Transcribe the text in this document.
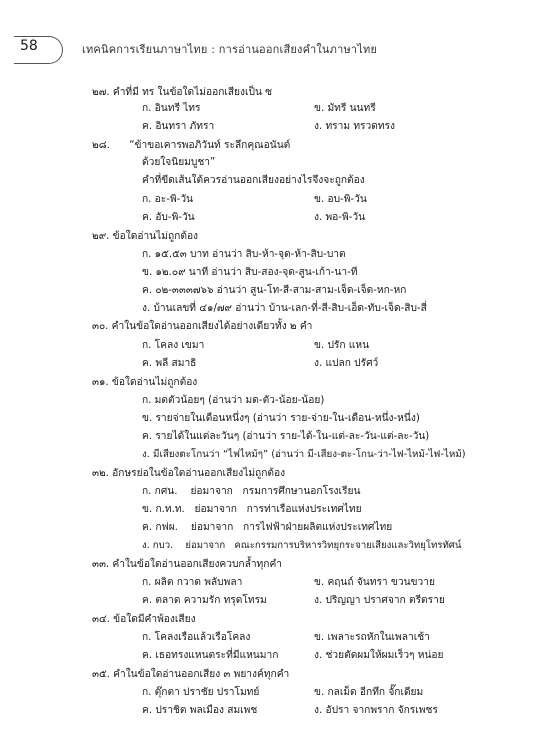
58	เทคนิคการเรียนภาษาไทย : การอ่านออกเสียงคำในภาษาไทย
๒๗. คำที่มี ทร ในข้อใดไม่ออกเสียงเป็น ซ
ก. อินทรี ไทร	ข. มัทรี นนทรี
ค. อินทรา ภัทรา	ง. ทราม ทรวดทรง
๒๘. “ข้าขอเคารพอภิวันท์ ระลึกคุณอนันต์
ด้วยใจนิยมบูชา”
คำที่ขีดเส้นใต้ควรอ่านออกเสียงอย่างไรจึงจะถูกต้อง
ก. อะ-พิ-วัน	ข. อบ-พิ-วัน
ค. อับ-พิ-วัน	ง. พอ-พิ-วัน
๒๙. ข้อใดอ่านไม่ถูกต้อง
ก. ๑๕.๕๓ บาท อ่านว่า สิบ-ห้า-จุด-ห้า-สิบ-บาต
ข. ๑๒.๐๙ นาที อ่านว่า สิบ-สอง-จุด-สูน-เก้า-นา-ที
ค. ๐๒-๓๓๓๗๖๖ อ่านว่า สูน-โท-สี-สาม-สาม-เจ็ด-เจ็ด-หก-หก
ง. บ้านเลขที่ ๔๑/๗๙ อ่านว่า บ้าน-เลก-ที่-สี-สิบ-เอ็ด-ทับ-เจ็ด-สิบ-สี่
๓๐. คำในข้อใดอ่านออกเสียงได้อย่างเดียวทั้ง ๒ คำ
ก. โคลง เขมา	ข. ปรัก แหน
ค. พลี สมาธิ	ง. แปลก ปรัศว์
๓๑. ข้อใดอ่านไม่ถูกต้อง
ก. มดตัวน้อยๆ (อ่านว่า มด-ตัว-น้อย-น้อย)
ข. รายจ่ายในเดือนหนึ่งๆ (อ่านว่า ราย-จ่าย-ใน-เดือน-หนึ่ง-หนึ่ง)
ค. รายได้ในแต่ละวันๆ (อ่านว่า ราย-ได้-ใน-แต่-ละ-วัน-แต่-ละ-วัน)
ง. มีเสียงตะโกนว่า “ไฟไหม้ๆ” (อ่านว่า มี-เสียง-ตะ-โกน-ว่า-ไฟ-ไหม้-ไฟ-ไหม้)
๓๒. อักษรย่อในข้อใดอ่านออกเสียงไม่ถูกต้อง
ก. กศน.    ย่อมาจาก   กรมการศึกษานอกโรงเรียน
ข. ก.ท.ท.   ย่อมาจาก   การท่าเรือแห่งประเทศไทย
ค. กฟผ.    ย่อมาจาก   การไฟฟ้าฝ่ายผลิตแห่งประเทศไทย
ง. กบว.    ย่อมาจาก   คณะกรรมการบริหารวิทยุกระจายเสียงและวิทยุโทรทัศน์
๓๓. คำในข้อใดอ่านออกเสียงควบกล้ำทุกคำ
ก. ผลิต กวาด พลับพลา	ข. คฤนถ์ จันทรา ขวนขวาย
ค. ตลาด ความรัก ทรุดโทรม	ง. ปริญญา ปราศจาก ตรีตราย
๓๔. ข้อใดมีคำพ้องเสียง
ก. โคลงเรือแล้วเรือโคลง	ข. เพลาะรถหักในเพลาเช้า
ค. เธอทรงแหนตระที่มีแหนมาก	ง. ช่วยตัดผมให้ผมเร็วๆ หน่อย
๓๕. คำในข้อใดอ่านออกเสียง ๓ พยางค์ทุกคำ
ก. ตุ๊กตา ปราชัย ปราโมทย์	ข. กลเม็ด อีกทึก จั๊กเดียม
ค. ปราชิต พลเมือง สมเพช	ง. อัปรา จากพราก จักรเพชร
